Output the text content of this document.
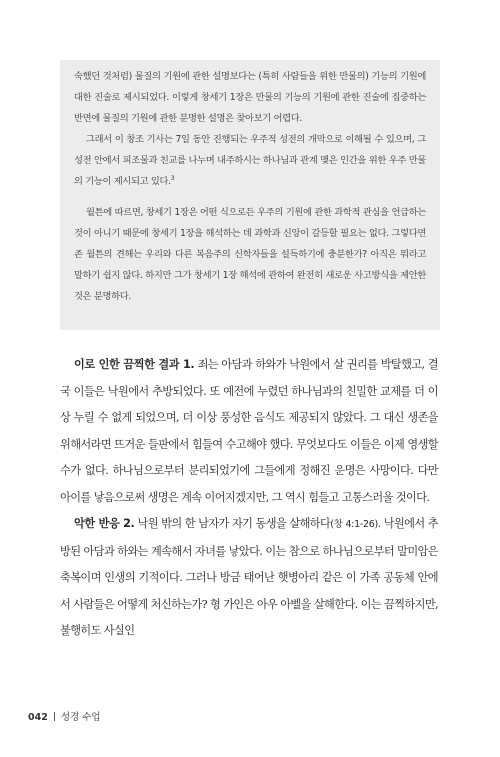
숙했던 것처럼) 물질의 기원에 관한 설명보다는 (특히 사람들을 위한 만물의) 기능의 기원에 대한 진술로 제시되었다. 이렇게 창세기 1장은 만물의 기능의 기원에 관한 진술에 집중하는 반면에 물질의 기원에 관한 분명한 설명은 찾아보기 어렵다.

그래서 이 창조 기사는 7일 동안 진행되는 우주적 성전의 개막으로 이해될 수 있으며, 그 성전 안에서 피조물과 친교를 나누며 내주하시는 하나님과 관계 맺은 인간을 위한 우주 만물의 기능이 제시되고 있다.$^3$

월튼에 따르면, 창세기 1장은 어떤 식으로든 우주의 기원에 관한 과학적 관심을 언급하는 것이 아니기 때문에 창세기 1장을 해석하는 데 과학과 신앙이 갈등할 필요는 없다. 그렇다면 존 월튼의 견해는 우리와 다른 복음주의 신학자들을 설득하기에 충분한가? 아직은 뭐라고 말하기 쉽지 않다. 하지만 그가 창세기 1장 해석에 관하여 완전히 새로운 사고방식을 제안한 것은 분명하다.

이로 인한 끔찍한 결과 1. 죄는 아담과 하와가 낙원에서 살 권리를 박탈했고, 결국 이들은 낙원에서 추방되었다. 또 예전에 누렸던 하나님과의 친밀한 교제를 더 이상 누릴 수 없게 되었으며, 더 이상 풍성한 음식도 제공되지 않았다. 그 대신 생존을 위해서라면 뜨거운 들판에서 힘들여 수고해야 했다. 무엇보다도 이들은 이제 영생할 수가 없다. 하나님으로부터 분리되었기에 그들에게 정해진 운명은 사망이다. 다만 아이를 낳음으로써 생명은 계속 이어지겠지만, 그 역시 힘들고 고통스러울 것이다.

악한 반응 2. 낙원 밖의 한 남자가 자기 동생을 살해하다(창 4:1-26). 낙원에서 추방된 아담과 하와는 계속해서 자녀를 낳았다. 이는 참으로 하나님으로부터 말미암은 축복이며 인생의 기적이다. 그러나 방금 태어난 햇병아리 같은 이 가족 공동체 안에서 사람들은 어떻게 처신하는가? 형 가인은 아우 아벨을 살해한다. 이는 끔찍하지만, 불행히도 사실인

042 성경 수업
